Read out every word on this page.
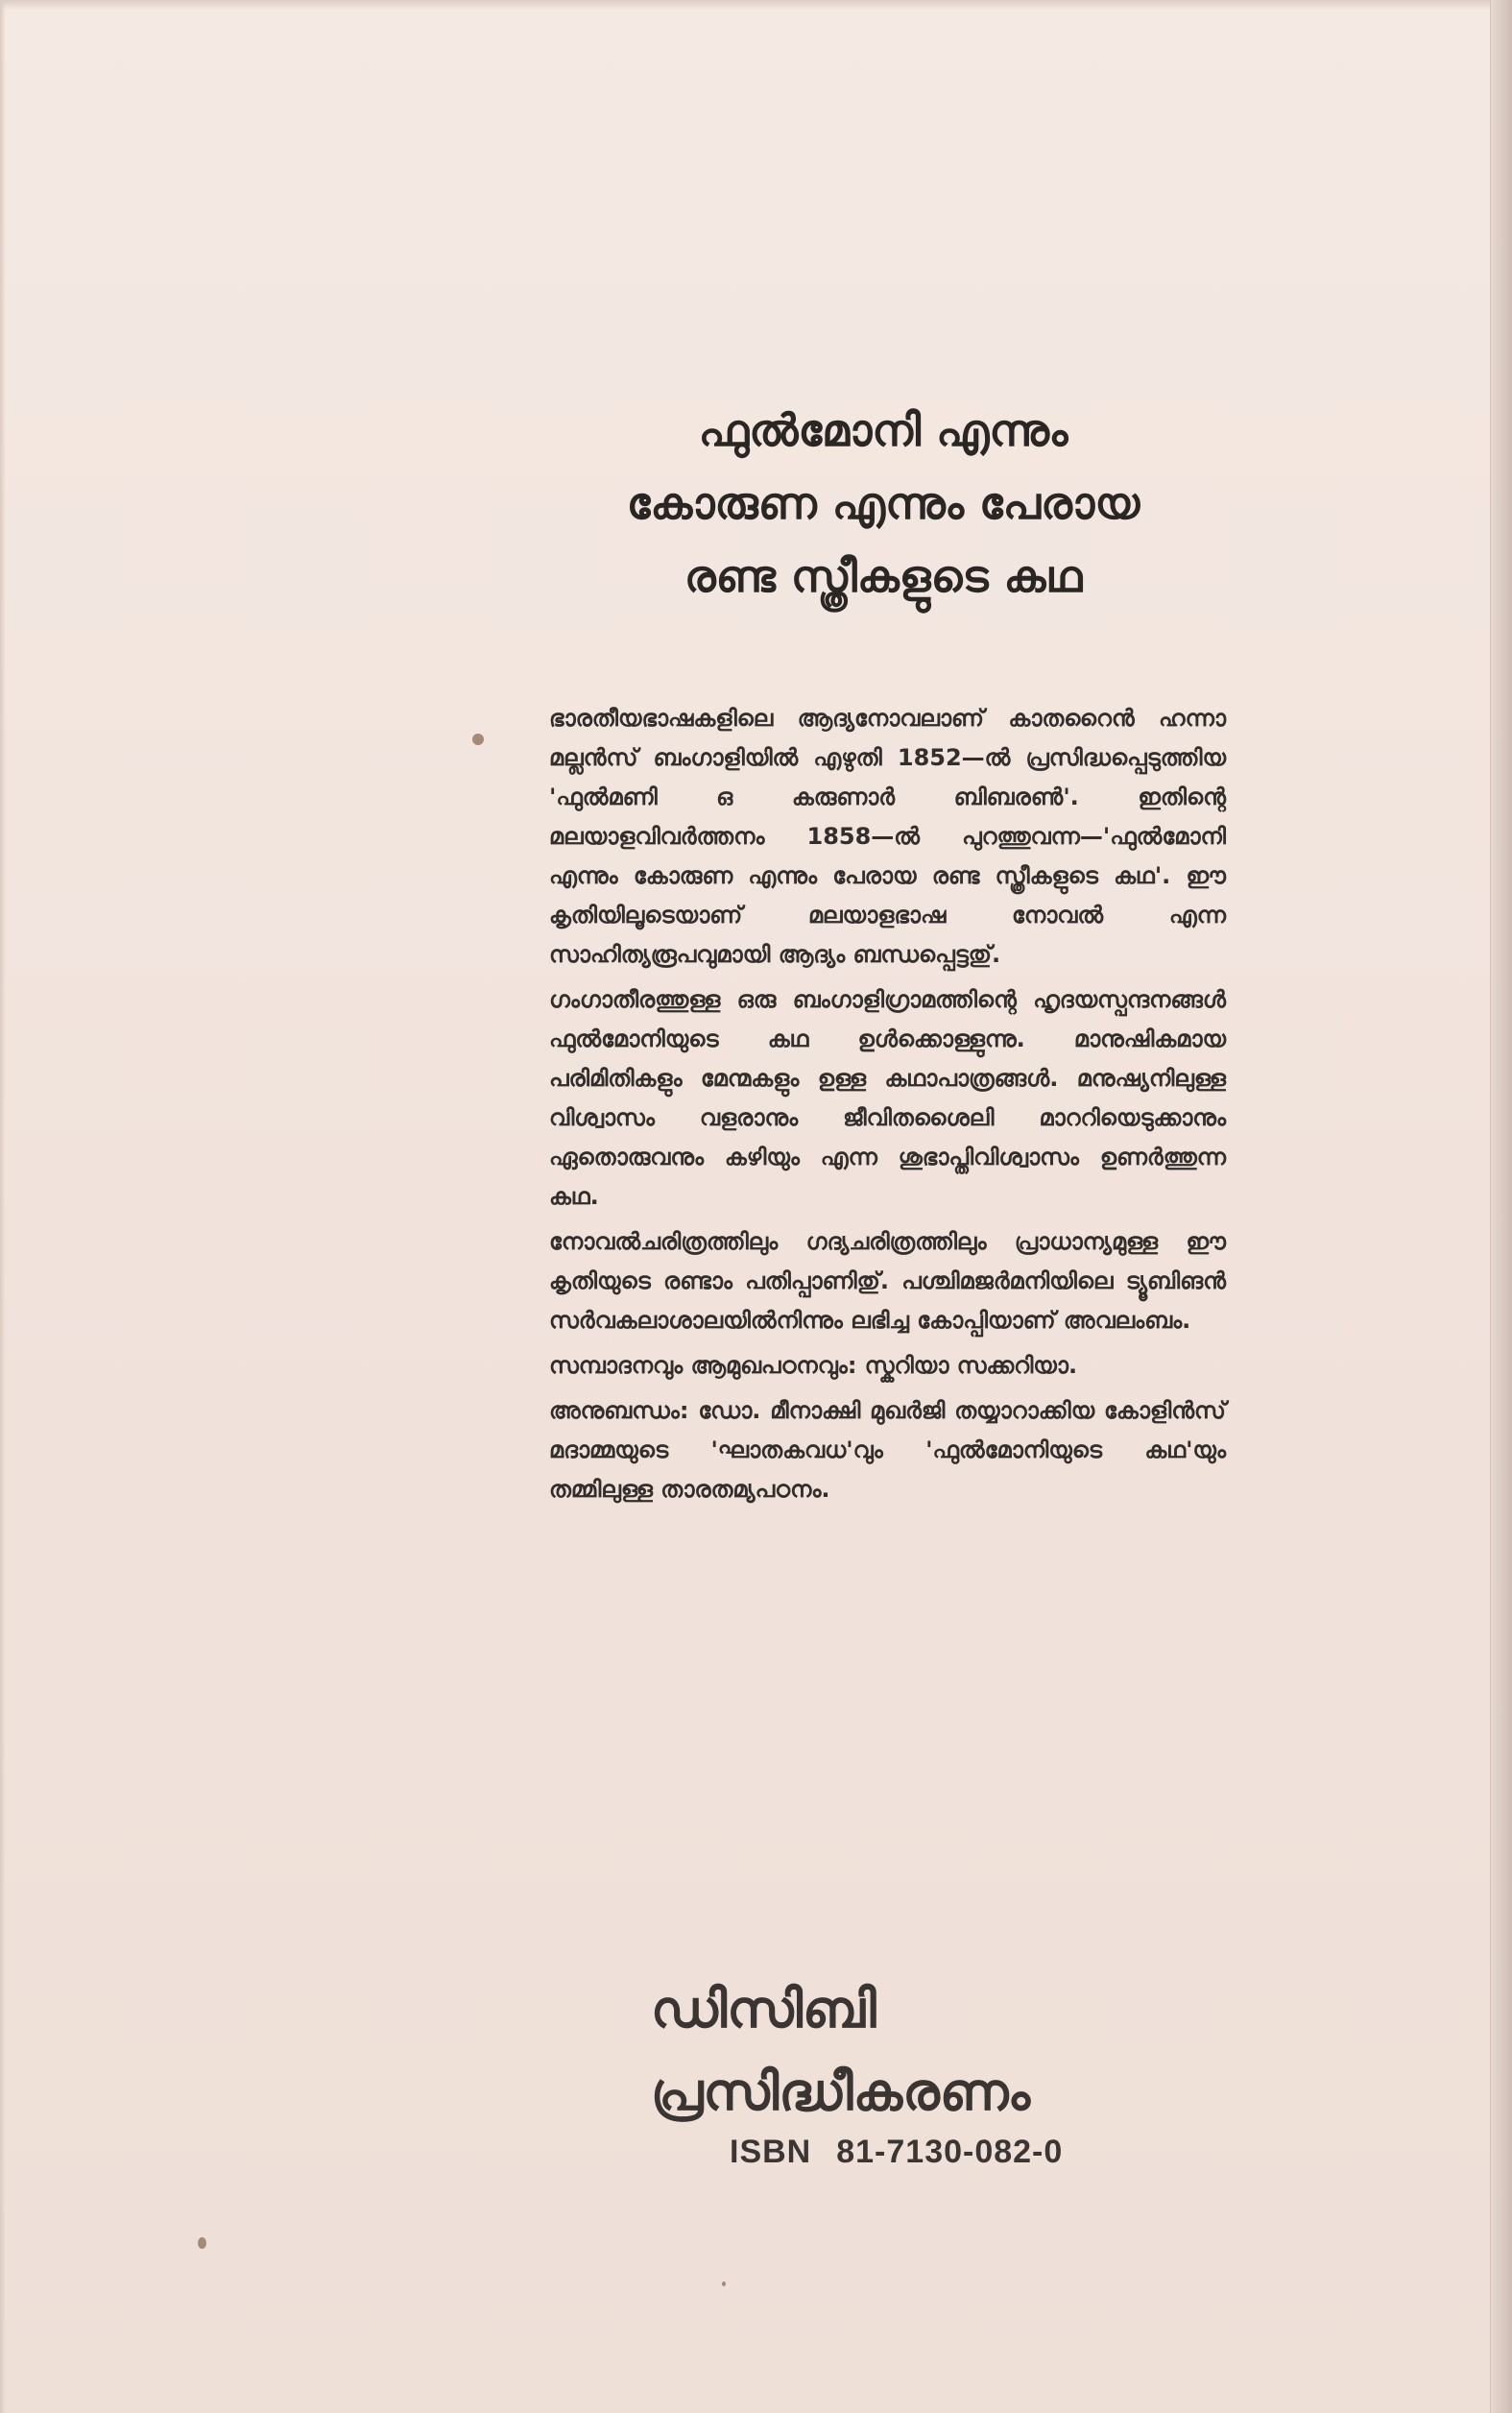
ഫുൽമോനി എന്നും
കോരുണ എന്നും പേരായ
രണ്ട സ്ത്രീകളുടെ കഥ

ഭാരതീയഭാഷകളിലെ ആദ്യനോവലാണ് കാതറൈൻ ഹന്നാ മല്ലൻസ് ബംഗാളിയിൽ എഴുതി 1852—ൽ പ്രസിദ്ധപ്പെടുത്തിയ 'ഫുൽമണി ഒ കരുണാർ ബിബരൺ'. ഇതിന്റെ മലയാളവിവർത്തനം 1858—ൽ പുറത്തുവന്ന—'ഫുൽമോനി എന്നും കോരുണ എന്നും പേരായ രണ്ട സ്ത്രീകളുടെ കഥ'. ഈ കൃതിയിലൂടെയാണ് മലയാളഭാഷ നോവൽ എന്ന സാഹിത്യരൂപവുമായി ആദ്യം ബന്ധപ്പെട്ടതു്.

ഗംഗാതീരത്തുള്ള ഒരു ബംഗാളിഗ്രാമത്തിന്റെ ഹൃദയസ്പന്ദനങ്ങൾ ഫുൽമോനിയുടെ കഥ ഉൾക്കൊള്ളുന്നു. മാനുഷികമായ പരിമിതികളും മേന്മകളും ഉള്ള കഥാപാത്രങ്ങൾ. മനുഷ്യനിലുള്ള വിശ്വാസം വളരാനും ജീവിതശൈലി മാററിയെടുക്കാനും ഏതൊരുവനും കഴിയും എന്ന ശുഭാപ്തിവിശ്വാസം ഉണർത്തുന്ന കഥ.

നോവൽചരിത്രത്തിലും ഗദ്യചരിത്രത്തിലും പ്രാധാന്യമുള്ള ഈ കൃതിയുടെ രണ്ടാം പതിപ്പാണിതു്. പശ്ചിമജർമനിയിലെ ട്യൂബിങൻ സർവകലാശാലയിൽനിന്നും ലഭിച്ച കോപ്പിയാണ് അവലംബം.

സമ്പാദനവും ആമുഖപഠനവും: സ്കറിയാ സക്കറിയാ.

അനുബന്ധം: ഡോ. മീനാക്ഷി മുഖർജി തയ്യാറാക്കിയ കോളിൻസ് മദാമ്മയുടെ 'ഘാതകവധ'വും 'ഫുൽമോനിയുടെ കഥ'യും തമ്മിലുള്ള താരതമ്യപഠനം.

ഡിസിബി
പ്രസിദ്ധീകരണം
ISBN 81-7130-082-0
